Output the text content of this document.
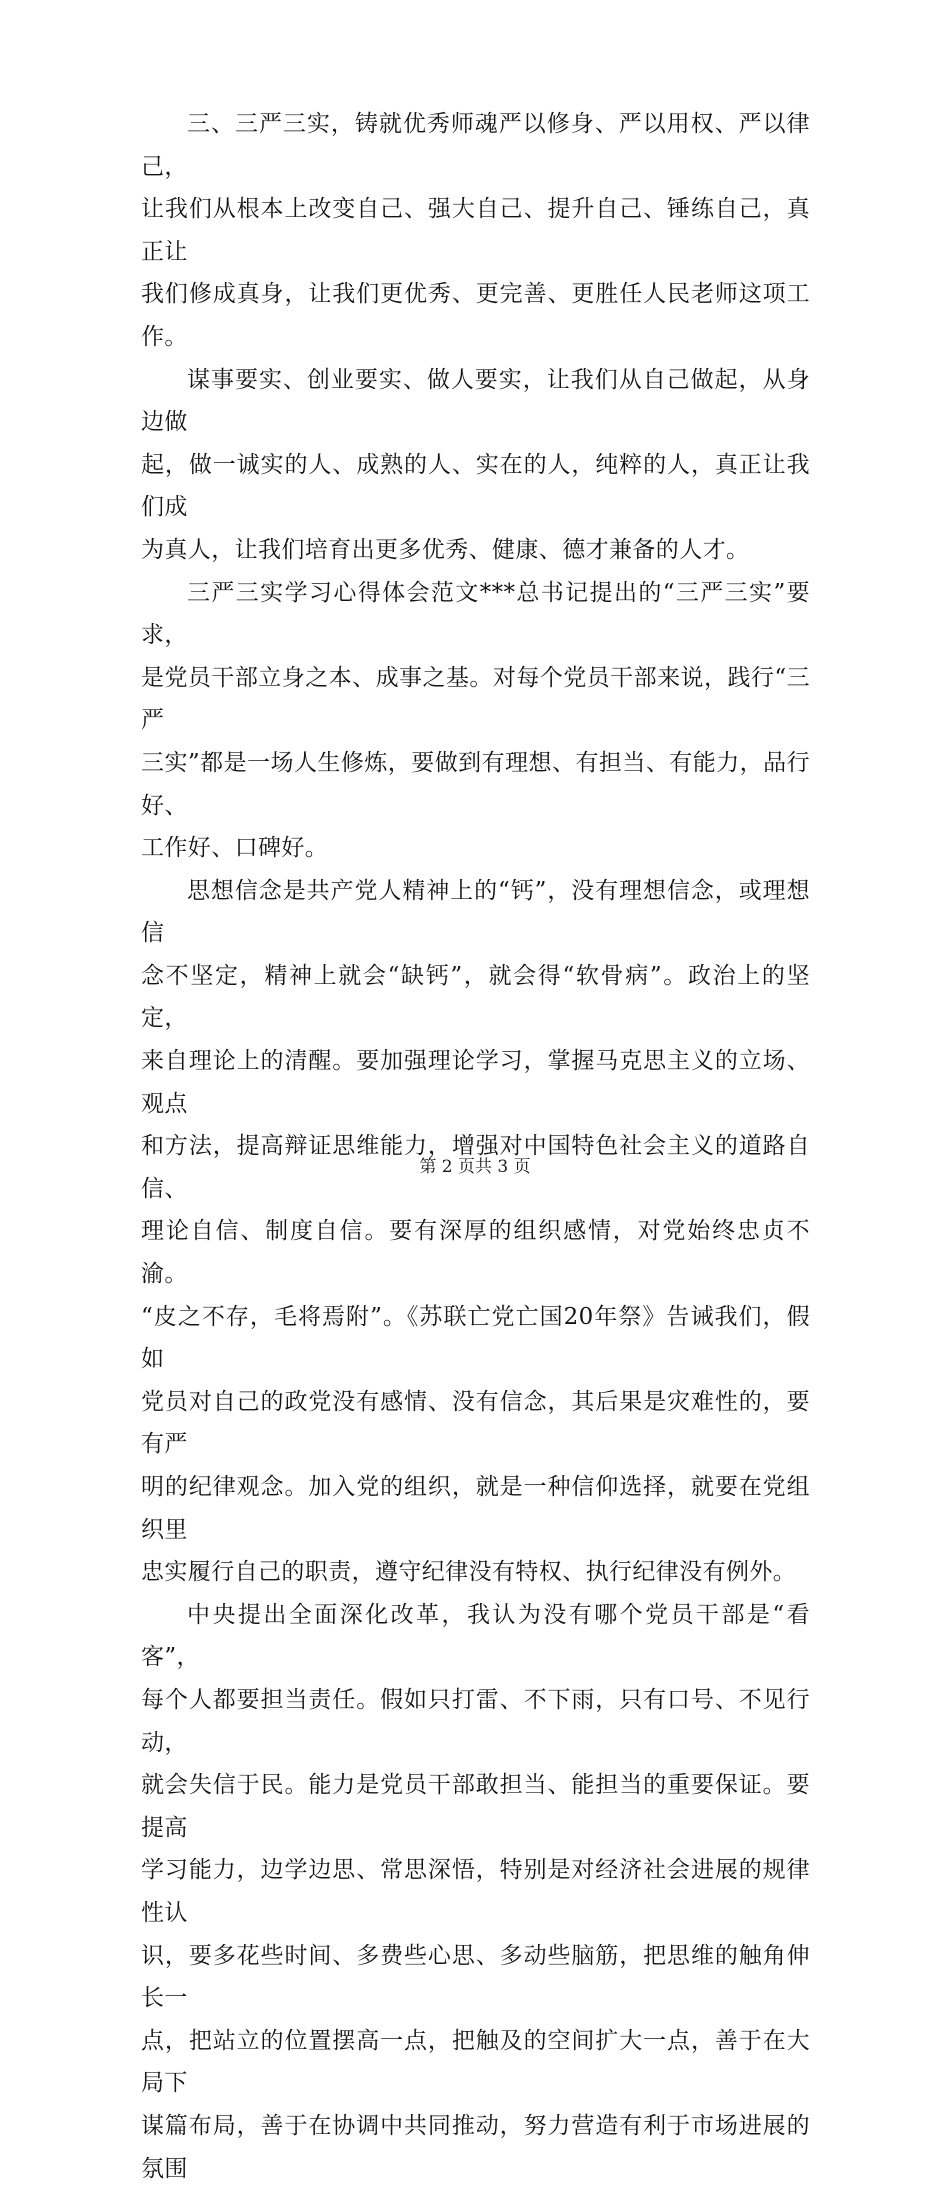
三、三严三实，铸就优秀师魂严以修身、严以用权、严以律己，
让我们从根本上改变自己、强大自己、提升自己、锤练自己，真正让
我们修成真身，让我们更优秀、更完善、更胜任人民老师这项工作。

谋事要实、创业要实、做人要实，让我们从自己做起，从身边做
起，做一诚实的人、成熟的人、实在的人，纯粹的人，真正让我们成
为真人，让我们培育出更多优秀、健康、德才兼备的人才。

三严三实学习心得体会范文***总书记提出的“三严三实”要求，
是党员干部立身之本、成事之基。对每个党员干部来说，践行“三严
三实”都是一场人生修炼，要做到有理想、有担当、有能力，品行好、
工作好、口碑好。

思想信念是共产党人精神上的“钙”，没有理想信念，或理想信
念不坚定，精神上就会“缺钙”，就会得“软骨病”。政治上的坚定，
来自理论上的清醒。要加强理论学习，掌握马克思主义的立场、观点
和方法，提高辩证思维能力，增强对中国特色社会主义的道路自信、
理论自信、制度自信。要有深厚的组织感情，对党始终忠贞不渝。
“皮之不存，毛将焉附”。《苏联亡党亡国20年祭》告诫我们，假如
党员对自己的政党没有感情、没有信念，其后果是灾难性的，要有严
明的纪律观念。加入党的组织，就是一种信仰选择，就要在党组织里
忠实履行自己的职责，遵守纪律没有特权、执行纪律没有例外。

中央提出全面深化改革，我认为没有哪个党员干部是“看客”，
每个人都要担当责任。假如只打雷、不下雨，只有口号、不见行动，
就会失信于民。能力是党员干部敢担当、能担当的重要保证。要提高
学习能力，边学边思、常思深悟，特别是对经济社会进展的规律性认
识，要多花些时间、多费些心思、多动些脑筋，把思维的触角伸长一
点，把站立的位置摆高一点，把触及的空间扩大一点，善于在大局下
谋篇布局，善于在协调中共同推动，努力营造有利于市场进展的氛围

第 2 页共 3 页
